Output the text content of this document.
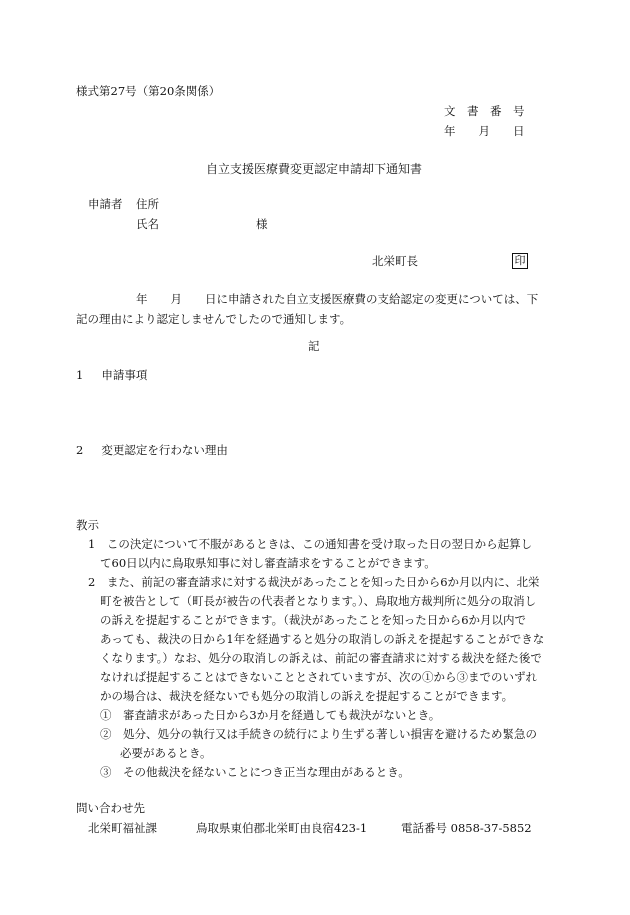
様式第27号（第20条関係）
文　書　番　号
年　　月　　日
自立支援医療費変更認定申請却下通知書
申請者 住所
氏名	様
北栄町長	印
年　　月　　日に申請された自立支援医療費の支給認定の変更については、下
記の理由により認定しませんでしたので通知します。
記
1 申請事項
2 変更認定を行わない理由
教示
1　この決定について不服があるときは、この通知書を受け取った日の翌日から起算し
て60日以内に鳥取県知事に対し審査請求をすることができます。
2　また、前記の審査請求に対する裁決があったことを知った日から6か月以内に、北栄
町を被告として（町長が被告の代表者となります。）、鳥取地方裁判所に処分の取消し
の訴えを提起することができます。（裁決があったことを知った日から6か月以内で
あっても、裁決の日から1年を経過すると処分の取消しの訴えを提起することができな
くなります。）なお、処分の取消しの訴えは、前記の審査請求に対する裁決を経た後で
なければ提起することはできないこととされていますが、次の①から③までのいずれ
かの場合は、裁決を経ないでも処分の取消しの訴えを提起することができます。
①　審査請求があった日から3か月を経過しても裁決がないとき。
②　処分、処分の執行又は手続きの続行により生ずる著しい損害を避けるため緊急の
必要があるとき。
③　その他裁決を経ないことにつき正当な理由があるとき。
問い合わせ先
北栄町福祉課	鳥取県東伯郡北栄町由良宿423-1	電話番号 0858-37-5852
